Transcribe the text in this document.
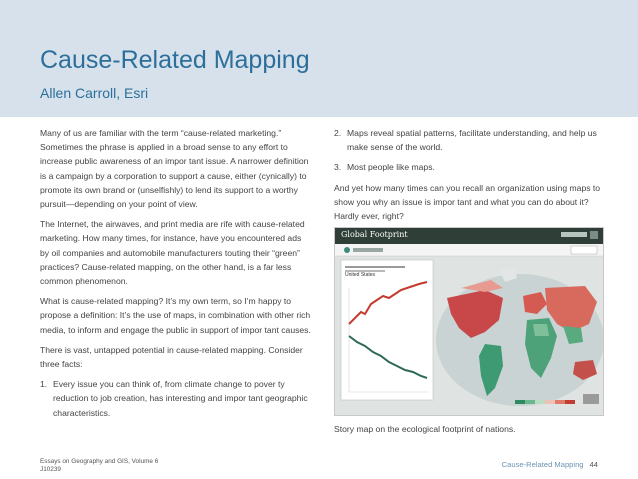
Cause-Related Mapping
Allen Carroll, Esri

Many of us are familiar with the term “cause-related marketing.” Sometimes the phrase is applied in a broad sense to any effort to increase public awareness of an impor tant issue. A narrower definition is a campaign by a corporation to support a cause, either (cynically) to promote its own brand or (unselfishly) to lend its support to a worthy pursuit—depending on your point of view.

The Internet, the airwaves, and print media are rife with cause-related marketing. How many times, for instance, have you encountered ads by oil companies and automobile manufacturers touting their “green” practices? Cause-related mapping, on the other hand, is a far less common phenomenon.

What is cause-related mapping? It’s my own term, so I’m happy to propose a definition: It’s the use of maps, in combination with other rich media, to inform and engage the public in support of impor tant causes.

There is vast, untapped potential in cause-related mapping. Consider three facts:

1. Every issue you can think of, from climate change to pover ty reduction to job creation, has interesting and impor tant geographic characteristics.
2. Maps reveal spatial patterns, facilitate understanding, and help us make sense of the world.
3. Most people like maps.

And yet how many times can you recall an organization using maps to show you why an issue is impor tant and what you can do about it? Hardly ever, right?

Global Footprint
United States
Story map on the ecological footprint of nations.
Essays on Geography and GIS, Volume 6
J10239
Cause-Related Mapping 44
